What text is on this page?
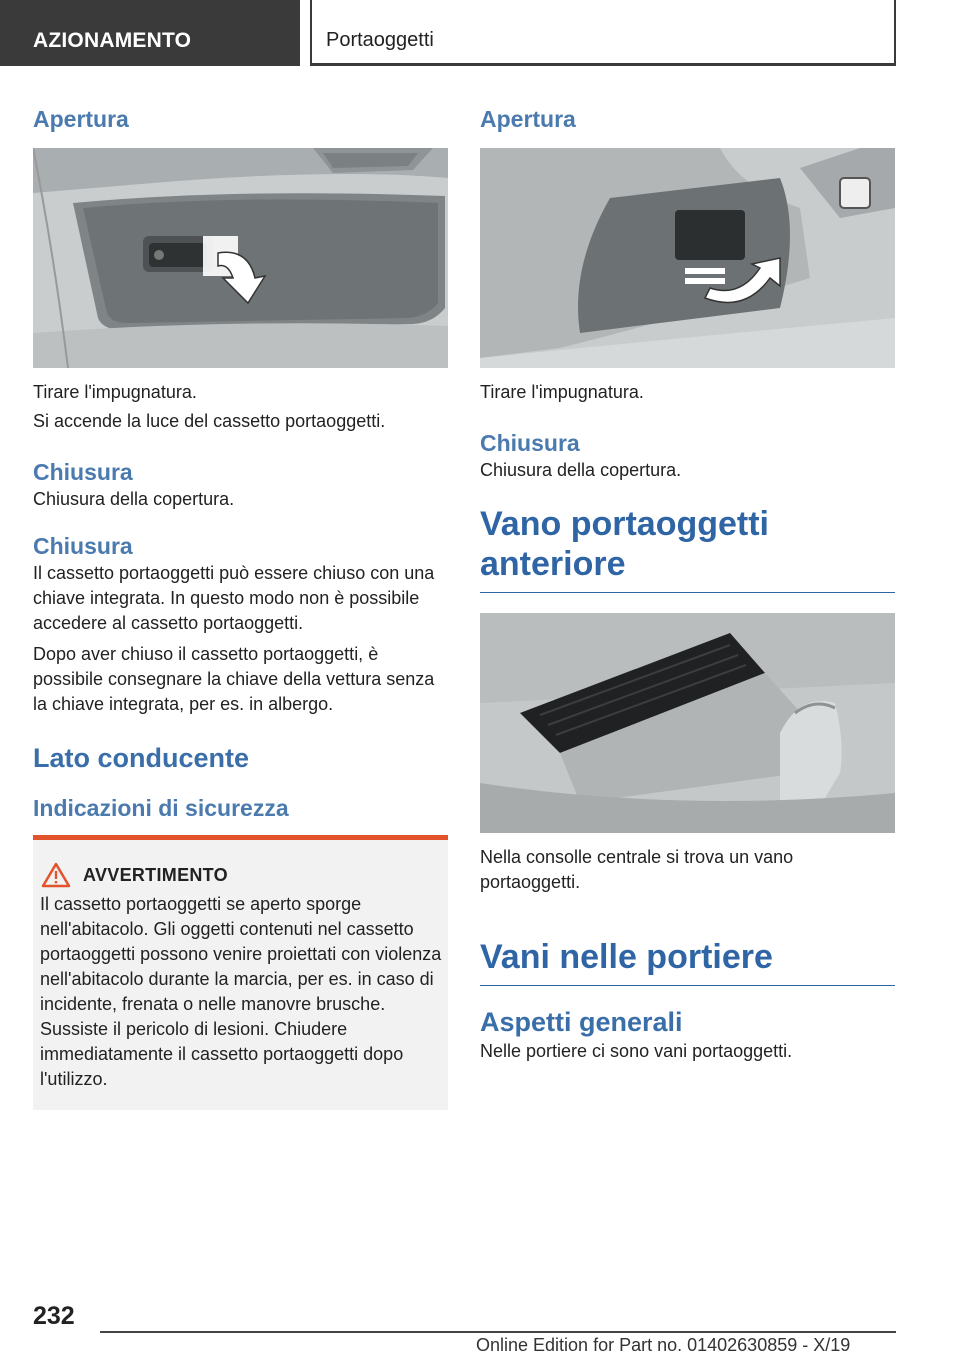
AZIONAMENTO	Portaoggetti
Apertura

Tirare l'impugnatura.

Si accende la luce del cassetto portaoggetti.

Chiusura

Chiusura della copertura.

Chiusura

Il cassetto portaoggetti può essere chiuso con una chiave integrata. In questo modo non è possibile accedere al cassetto portaoggetti.

Dopo aver chiuso il cassetto portaoggetti, è possibile consegnare la chiave della vettura senza la chiave integrata, per es. in albergo.

Lato conducente
Indicazioni di sicurezza
AVVERTIMENTO

Il cassetto portaoggetti se aperto sporge nell'abitacolo. Gli oggetti contenuti nel cassetto portaoggetti possono venire proiettati con violenza nell'abitacolo durante la marcia, per es. in caso di incidente, frenata o nelle manovre brusche. Sussiste il pericolo di lesioni. Chiudere immediatamente il cassetto portaoggetti dopo l'utilizzo.

Apertura

Tirare l'impugnatura.

Chiusura

Chiusura della copertura.

Vano portaoggetti anteriore

Nella consolle centrale si trova un vano portaoggetti.

Vani nelle portiere
Aspetti generali

Nelle portiere ci sono vani portaoggetti.

232
Online Edition for Part no. 01402630859 - X/19
